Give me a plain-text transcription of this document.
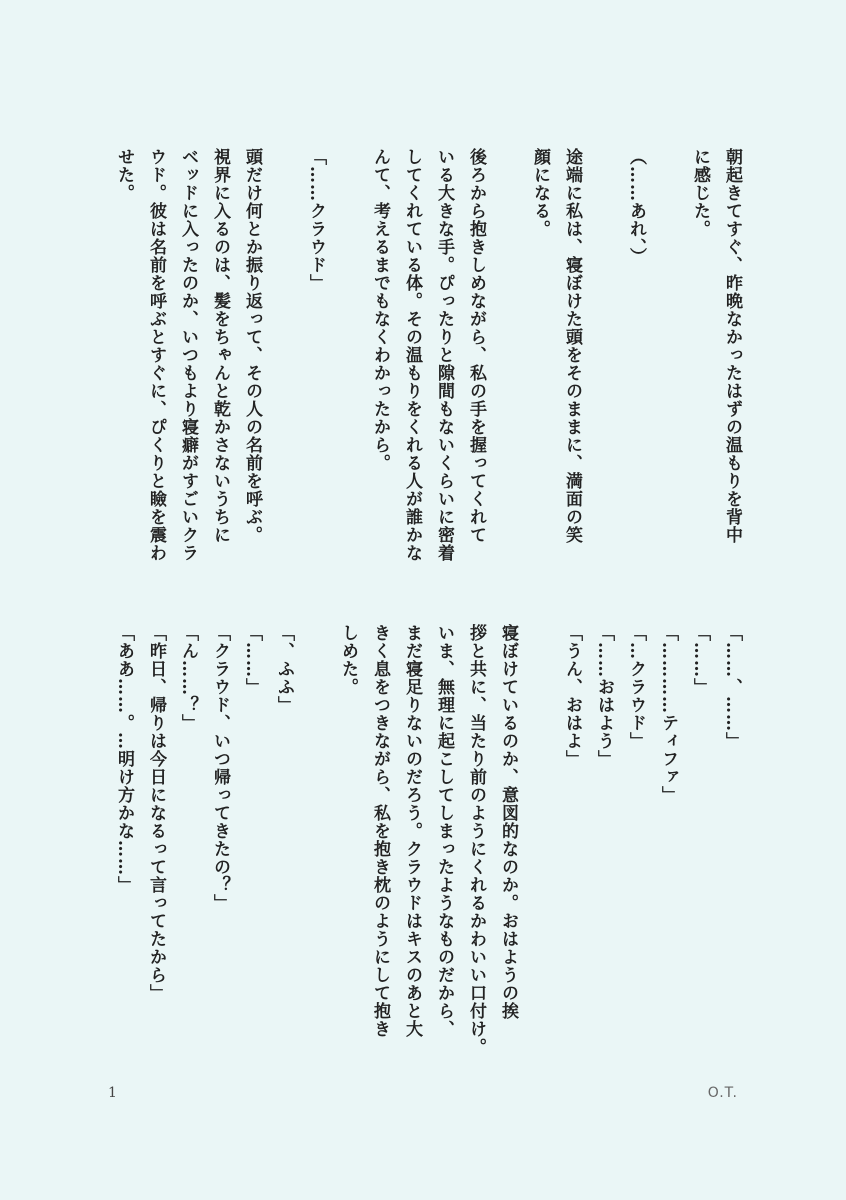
朝起きてすぐ、昨晩なかったはずの温もりを背中

に感じた。

（……あれ、）

途端に私は、寝ぼけた頭をそのままに、満面の笑

顔になる。

後ろから抱きしめながら、私の手を握ってくれて

いる大きな手。ぴったりと隙間もないくらいに密着

してくれている体。その温もりをくれる人が誰かな

んて、考えるまでもなくわかったから。

「……クラウド」

頭だけ何とか振り返って、その人の名前を呼ぶ。

視界に入るのは、髪をちゃんと乾かさないうちに

ベッドに入ったのか、いつもより寝癖がすごいクラ

ウド。彼は名前を呼ぶとすぐに、ぴくりと瞼を震わ

せた。

「……、……」

「……」

「…………ティファ」

「…クラウド」

「……おはよう」

「うん、おはよ」

寝ぼけているのか、意図的なのか。おはようの挨

拶と共に、当たり前のようにくれるかわいい口付け。

いま、無理に起こしてしまったようなものだから、

まだ寝足りないのだろう。クラウドはキスのあと大

きく息をつきながら、私を抱き枕のようにして抱き

しめた。

「、ふふ」

「……」

「クラウド、いつ帰ってきたの？」

「ん……？」

「昨日、帰りは今日になるって言ってたから」

「ああ……。…明け方かな……」

1	O.T.
